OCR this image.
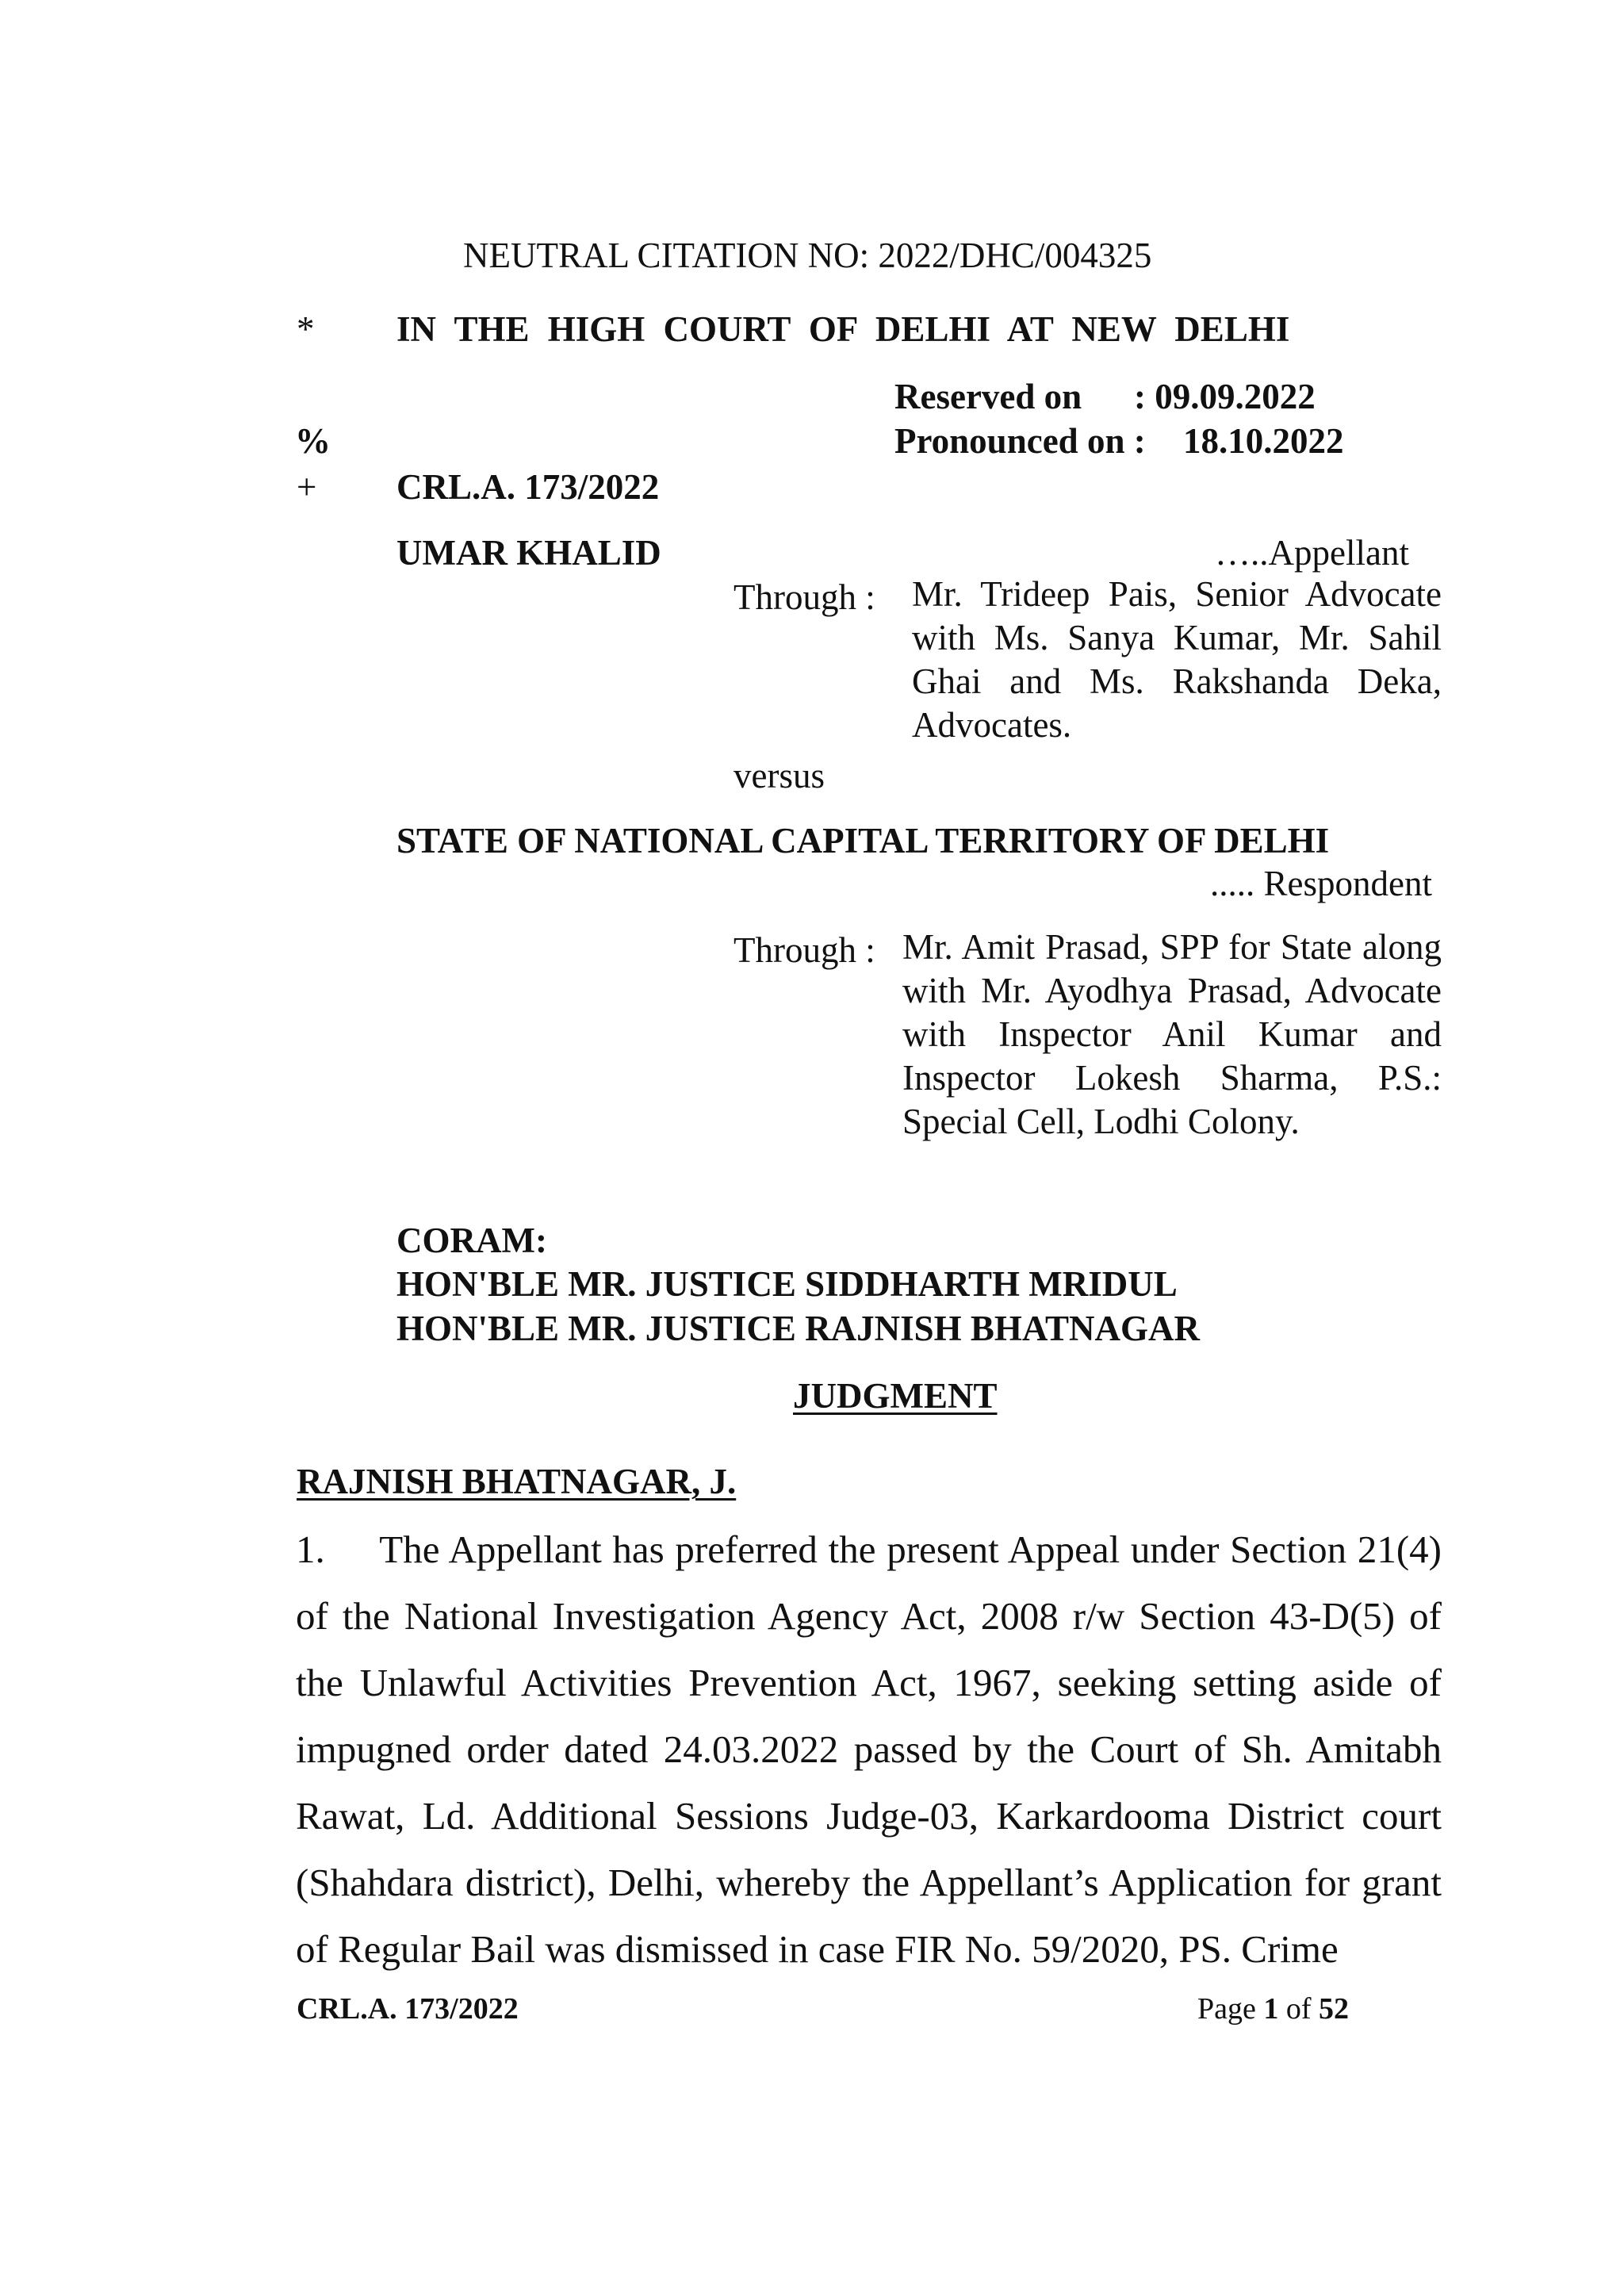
NEUTRAL CITATION NO: 2022/DHC/004325
* IN THE HIGH COURT OF DELHI AT NEW DELHI
Reserved on : 09.09.2022
%	Pronounced on : 18.10.2022
+ CRL.A. 173/2022
UMAR KHALID	…..Appellant
Through : Mr. Trideep Pais, Senior Advocate with Ms. Sanya Kumar, Mr. Sahil Ghai and Ms. Rakshanda Deka, Advocates.

versus
STATE OF NATIONAL CAPITAL TERRITORY OF DELHI
..... Respondent
Through : Mr. Amit Prasad, SPP for State along with Mr. Ayodhya Prasad, Advocate with Inspector Anil Kumar and Inspector Lokesh Sharma, P.S.: Special Cell, Lodhi Colony.

CORAM:
HON'BLE MR. JUSTICE SIDDHARTH MRIDUL
HON'BLE MR. JUSTICE RAJNISH BHATNAGAR
JUDGMENT
RAJNISH BHATNAGAR, J.

1.     The Appellant has preferred the present Appeal under Section 21(4) of the National Investigation Agency Act, 2008 r/w Section 43-D(5) of the Unlawful Activities Prevention Act, 1967, seeking setting aside of impugned order dated 24.03.2022 passed by the Court of Sh. Amitabh Rawat, Ld. Additional Sessions Judge-03, Karkardooma District court (Shahdara district), Delhi, whereby the Appellant’s Application for grant of Regular Bail was dismissed in case FIR No. 59/2020, PS. Crime

CRL.A. 173/2022	Page 1 of 52
